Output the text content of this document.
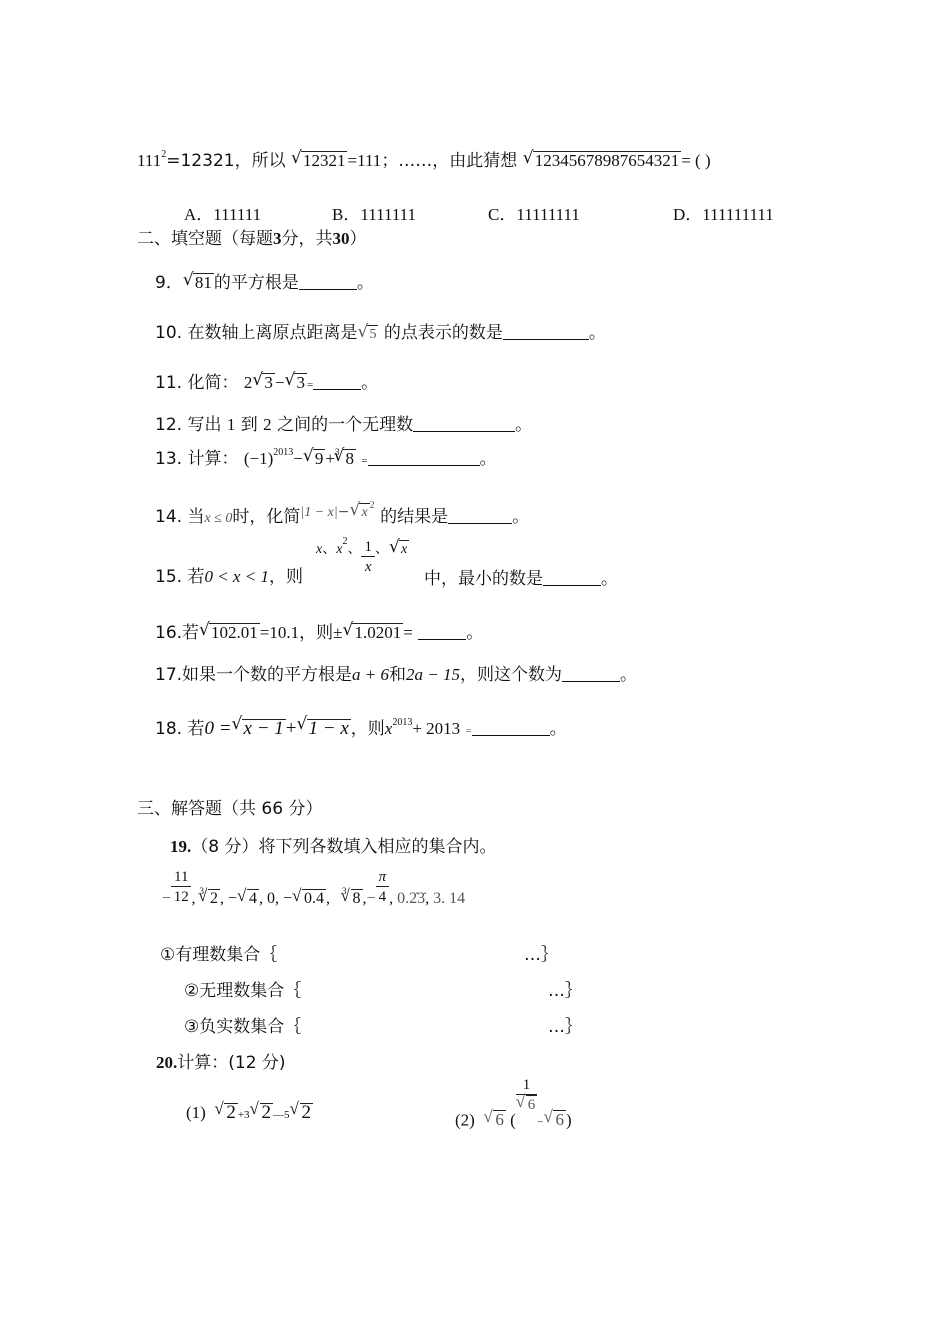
$111^2=12321$，所以 √ 12321 =111；……，由此猜想 √ 12345678987654321 = ( )
A．111111	B．1111111	C．11111111	D．111111111
二、填空题（每题3分，共30）
9．√ 81 的平方根是	。
10. 在数轴上离原点距离是√ 5 的点表示的数是	。
11. 化简： 2√ 3 −√ 3 =	。
12. 写出 1 到 2 之间的一个无理数	。
13. 计算： $(-1)^{2013}-√$ 9 +$^3$√ 8 =	。
14. 当x ≤ 0时，化简$^{|1 - x|-}$√ x $^2$ 的结果是	。
15. 若0 < x < 1，则
x、$x^2$、 $\frac{1}{x}$ 、√ x
中，最小的数是	。
16.若√ 102.01 =10.1，则±√ 1.0201 =	。
17.如果一个数的平方根是a + 6和2a − 15，则这个数为	。
18. 若0 =√ x − 1 +√ 1 − x ，则$x^{2013}+ 2013$ =	。
三、解答题（共 66 分）
19.（8 分）将下列各数填入相应的集合内。
− $\frac{11}{12}$ , $^3$√ 2 , −√ 4 , 0, −√ 0.4 , $^3$√ 8 ,− $\frac{\pi}{4}$ , 0.2̇3̇, 3. 14
①有理数集合｛	…｝
②无理数集合｛	…｝
③负实数集合｛	…｝
20.计算：(12 分)
(1)  √ 2 +3√ 2 —5√ 2	(2)  √ 6 (
1
√ 6
$_-$√ 6 )
